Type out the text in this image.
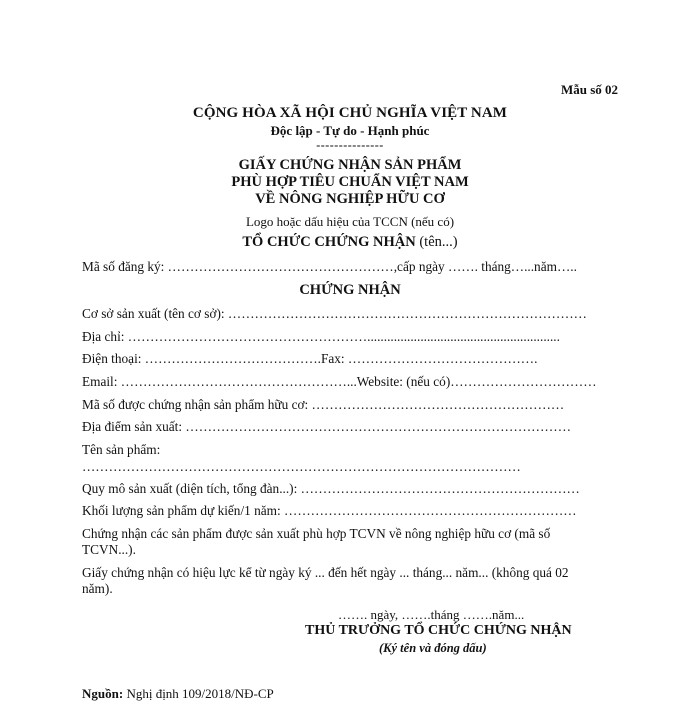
Mẫu số 02
CỘNG HÒA XÃ HỘI CHỦ NGHĨA VIỆT NAM
Độc lập - Tự do - Hạnh phúc
---------------
GIẤY CHỨNG NHẬN SẢN PHẨM
PHÙ HỢP TIÊU CHUẨN VIỆT NAM
VỀ NÔNG NGHIỆP HỮU CƠ
Logo hoặc dấu hiệu của TCCN (nếu có)
TỔ CHỨC CHỨNG NHẬN (tên...)
Mã số đăng ký: ……………………………………………,cấp ngày ……. tháng…...năm…..
CHỨNG NHẬN
Cơ sở sản xuất (tên cơ sở): ………………………………………………………………………
Địa chỉ: ………………………………………………..........................................................
Điện thoại: ………………………………….Fax: …………………………………….
Email: ……………………………………………...Website: (nếu có)……………………………
Mã số được chứng nhận sản phẩm hữu cơ: …………………………………………………
Địa điểm sản xuất: ……………………………………………………………………………
Tên sản phẩm:
………………………………………………………………………………………
Quy mô sản xuất (diện tích, tổng đàn...): ………………………………………………………
Khối lượng sản phẩm dự kiến/1 năm: …………………………………………………………
Chứng nhận các sản phẩm được sản xuất phù hợp TCVN về nông nghiệp hữu cơ (mã số
TCVN...).
Giấy chứng nhận có hiệu lực kể từ ngày ký ... đến hết ngày ... tháng... năm... (không quá 02
năm).
……. ngày, …….tháng …….năm...
THỦ TRƯỞNG TỔ CHỨC CHỨNG NHẬN
(Ký tên và đóng dấu)
Nguồn: Nghị định 109/2018/NĐ-CP
